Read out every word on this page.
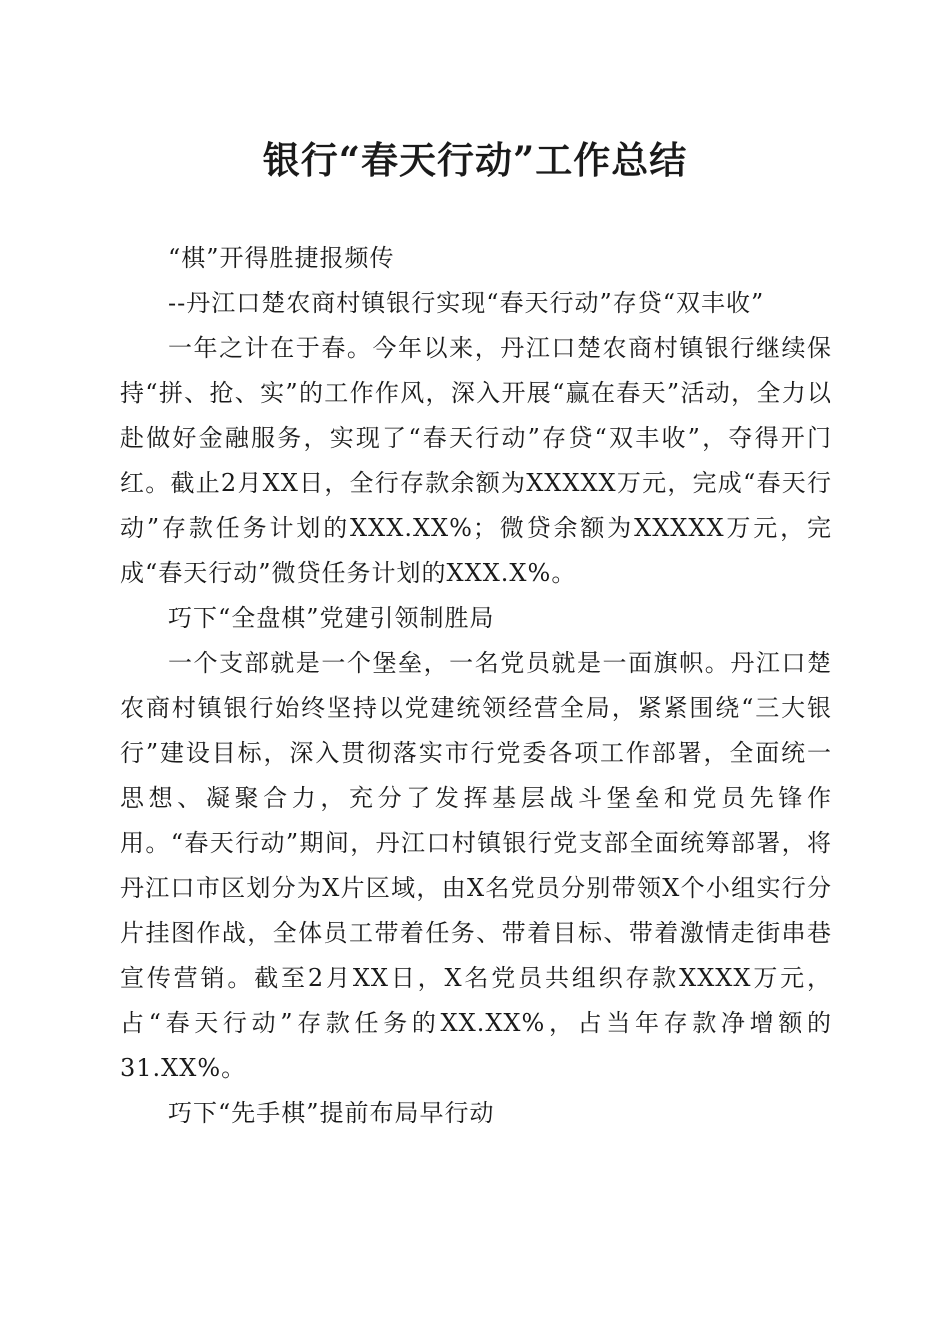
银行“春天行动”工作总结

“棋”开得胜捷报频传

--丹江口楚农商村镇银行实现“春天行动”存贷“双丰收”

一年之计在于春。今年以来，丹江口楚农商村镇银行继续保持“拼、抢、实”的工作作风，深入开展“赢在春天”活动，全力以赴做好金融服务，实现了“春天行动”存贷“双丰收”，夺得开门红。截止2月XX日，全行存款余额为XXXXX万元，完成“春天行动”存款任务计划的XXX.XX%；微贷余额为XXXXX万元，完成“春天行动”微贷任务计划的XXX.X%。

巧下“全盘棋”党建引领制胜局

一个支部就是一个堡垒，一名党员就是一面旗帜。丹江口楚农商村镇银行始终坚持以党建统领经营全局，紧紧围绕“三大银行”建设目标，深入贯彻落实市行党委各项工作部署，全面统一思想、凝聚合力，充分了发挥基层战斗堡垒和党员先锋作用。“春天行动”期间，丹江口村镇银行党支部全面统筹部署，将丹江口市区划分为X片区域，由X名党员分别带领X个小组实行分片挂图作战，全体员工带着任务、带着目标、带着激情走街串巷宣传营销。截至2月XX日，X名党员共组织存款XXXX万元，占“春天行动”存款任务的XX.XX%，占当年存款净增额的31.XX%。

巧下“先手棋”提前布局早行动
